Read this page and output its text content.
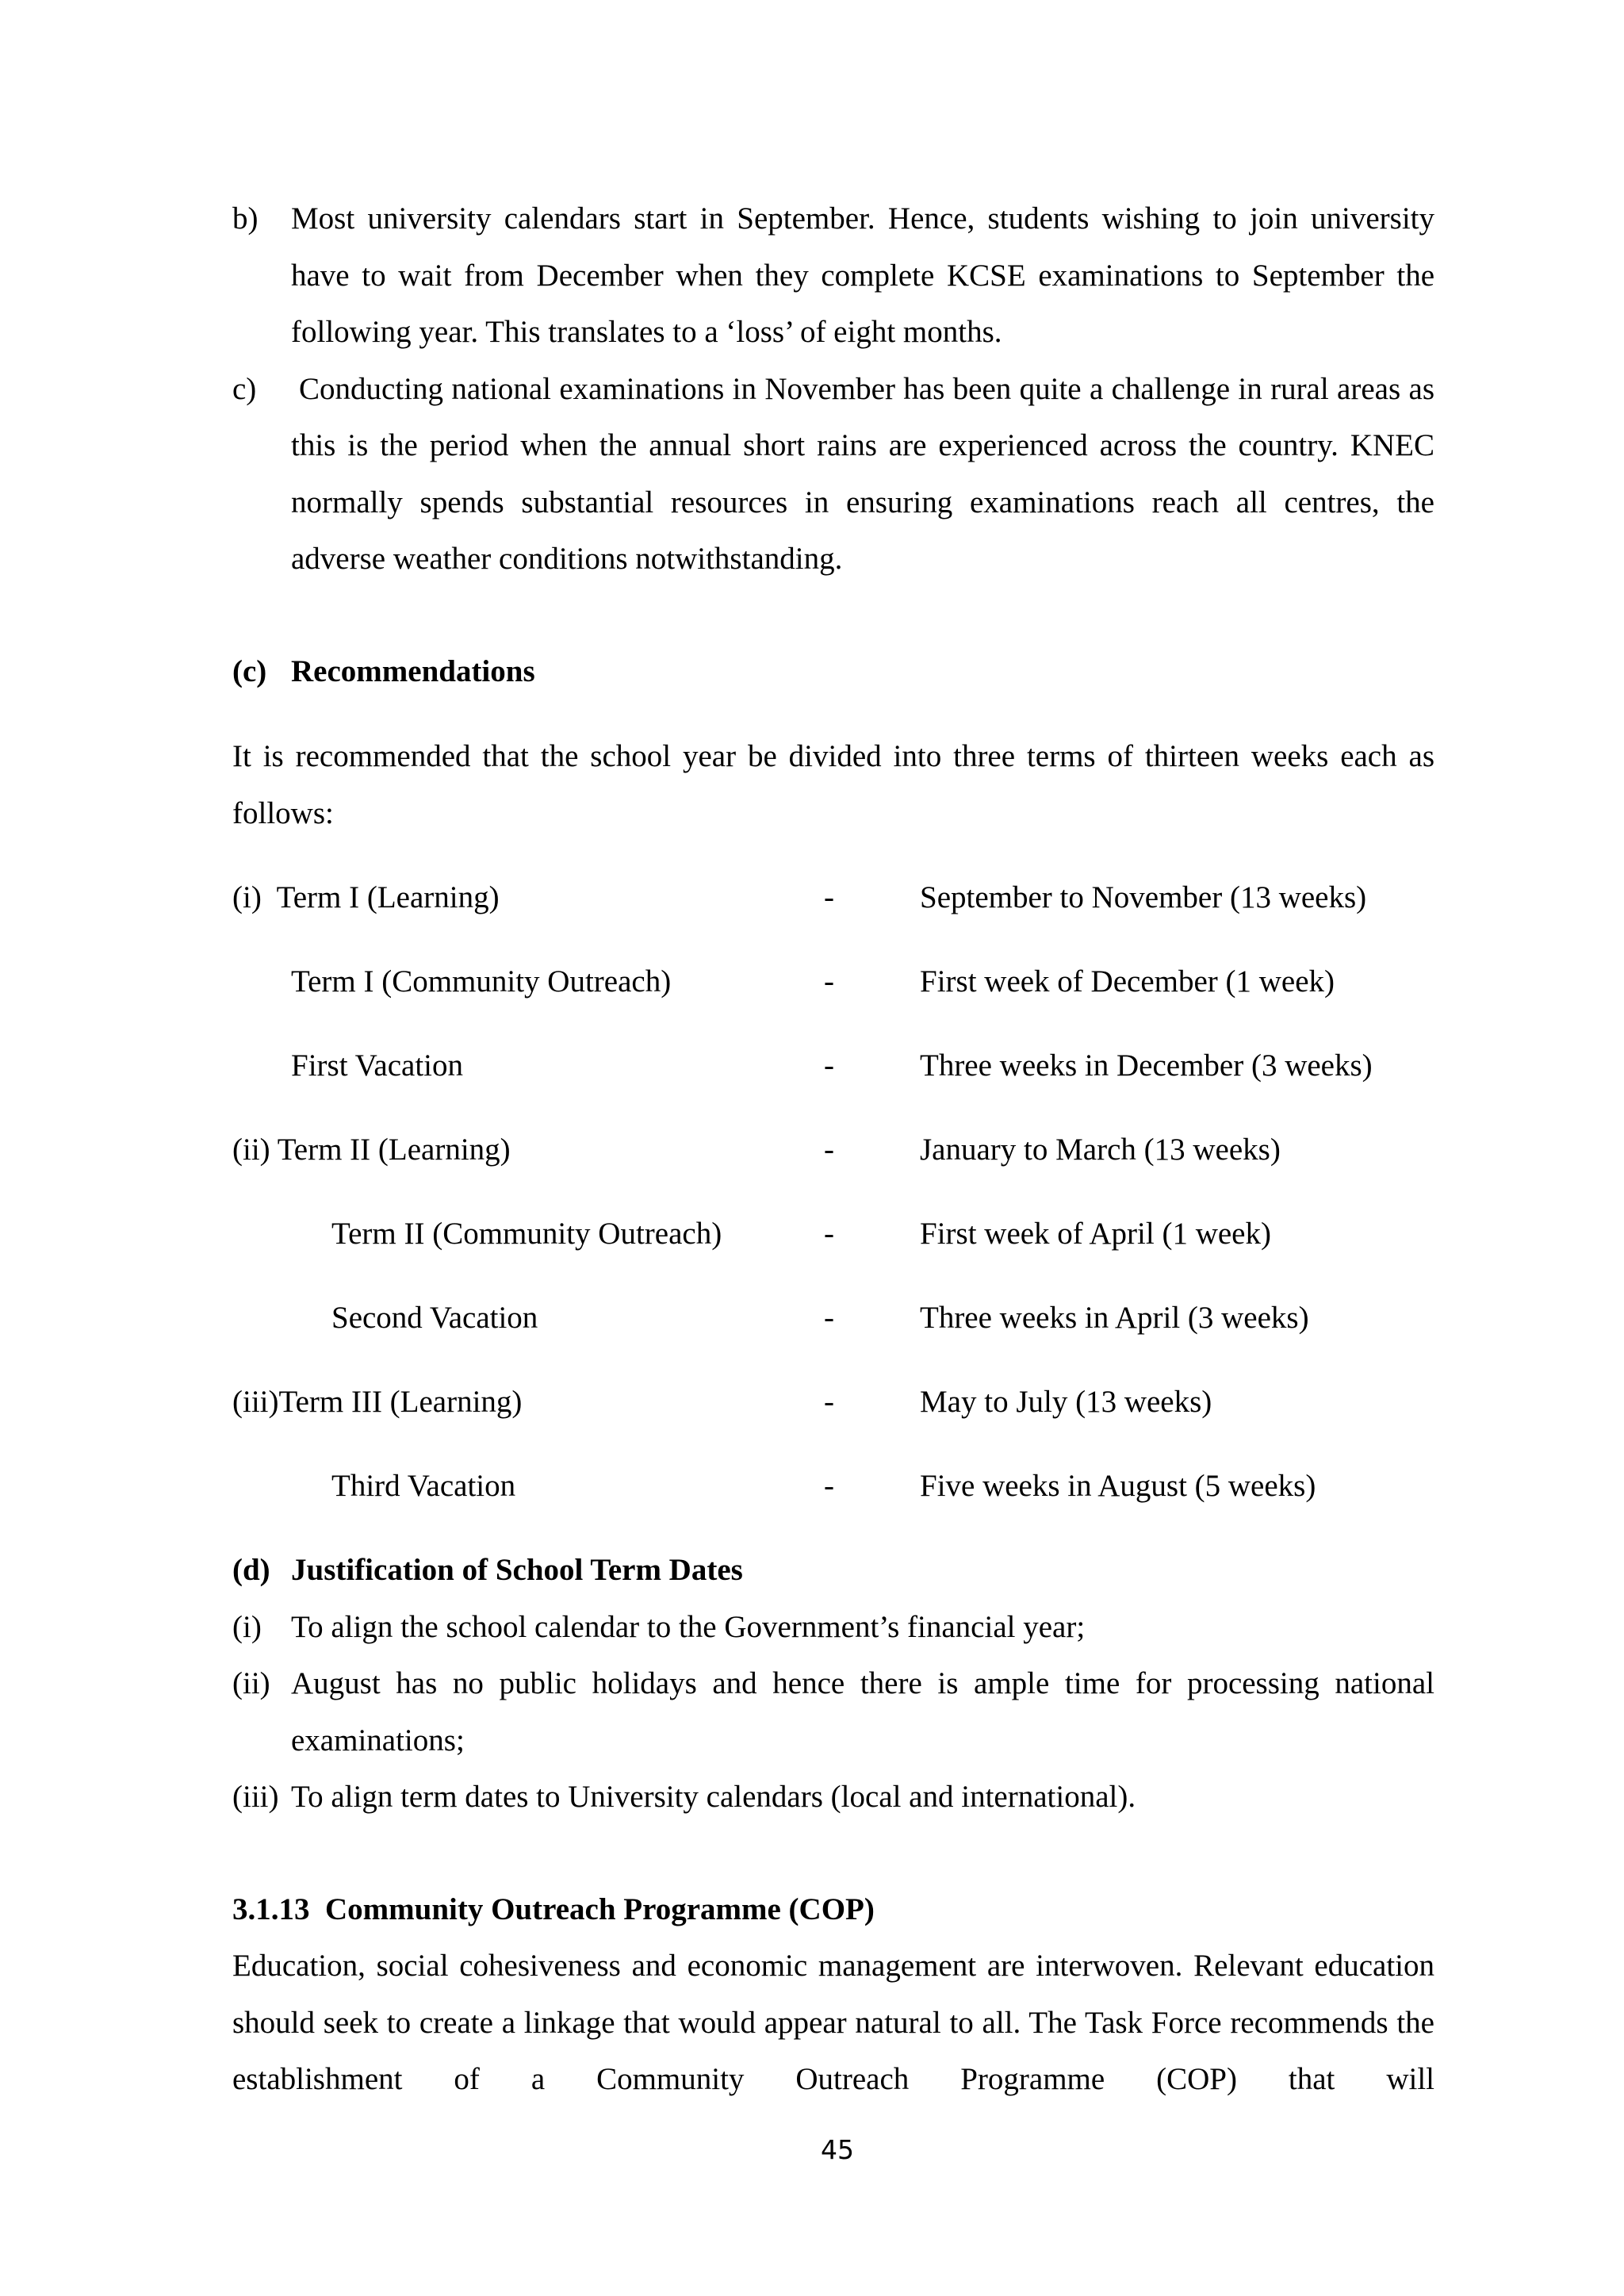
b)	Most university calendars start in September. Hence, students wishing to join university have to wait from December when they complete KCSE examinations to September the following year. This translates to a ‘loss’ of eight months.
c)	Conducting national examinations in November has been quite a challenge in rural areas as this is the period when the annual short rains are experienced across the country. KNEC normally spends substantial resources in ensuring examinations reach all centres, the adverse weather conditions notwithstanding.

(c) Recommendations

It is recommended that the school year be divided into three terms of thirteen weeks each as follows:

(i)  Term I (Learning)	-	September to November (13 weeks)
Term I (Community Outreach)	-	First week of December (1 week)
First Vacation	-	Three weeks in December (3 weeks)
(ii) Term II (Learning)	-	January to March (13 weeks)
Term II (Community Outreach)	-	First week of April (1 week)
Second Vacation	-	Three weeks in April (3 weeks)
(iii)Term III (Learning)	-	May to July (13 weeks)
Third Vacation	-	Five weeks in August (5 weeks)

(d) Justification of School Term Dates

(i) To align the school calendar to the Government’s financial year;
(ii) August has no public holidays and hence there is ample time for processing national examinations;
(iii) To align term dates to University calendars (local and international).

3.1.13  Community Outreach Programme (COP)

Education, social cohesiveness and economic management are interwoven. Relevant education should seek to create a linkage that would appear natural to all. The Task Force recommends the establishment of a Community Outreach Programme (COP) that will

45
